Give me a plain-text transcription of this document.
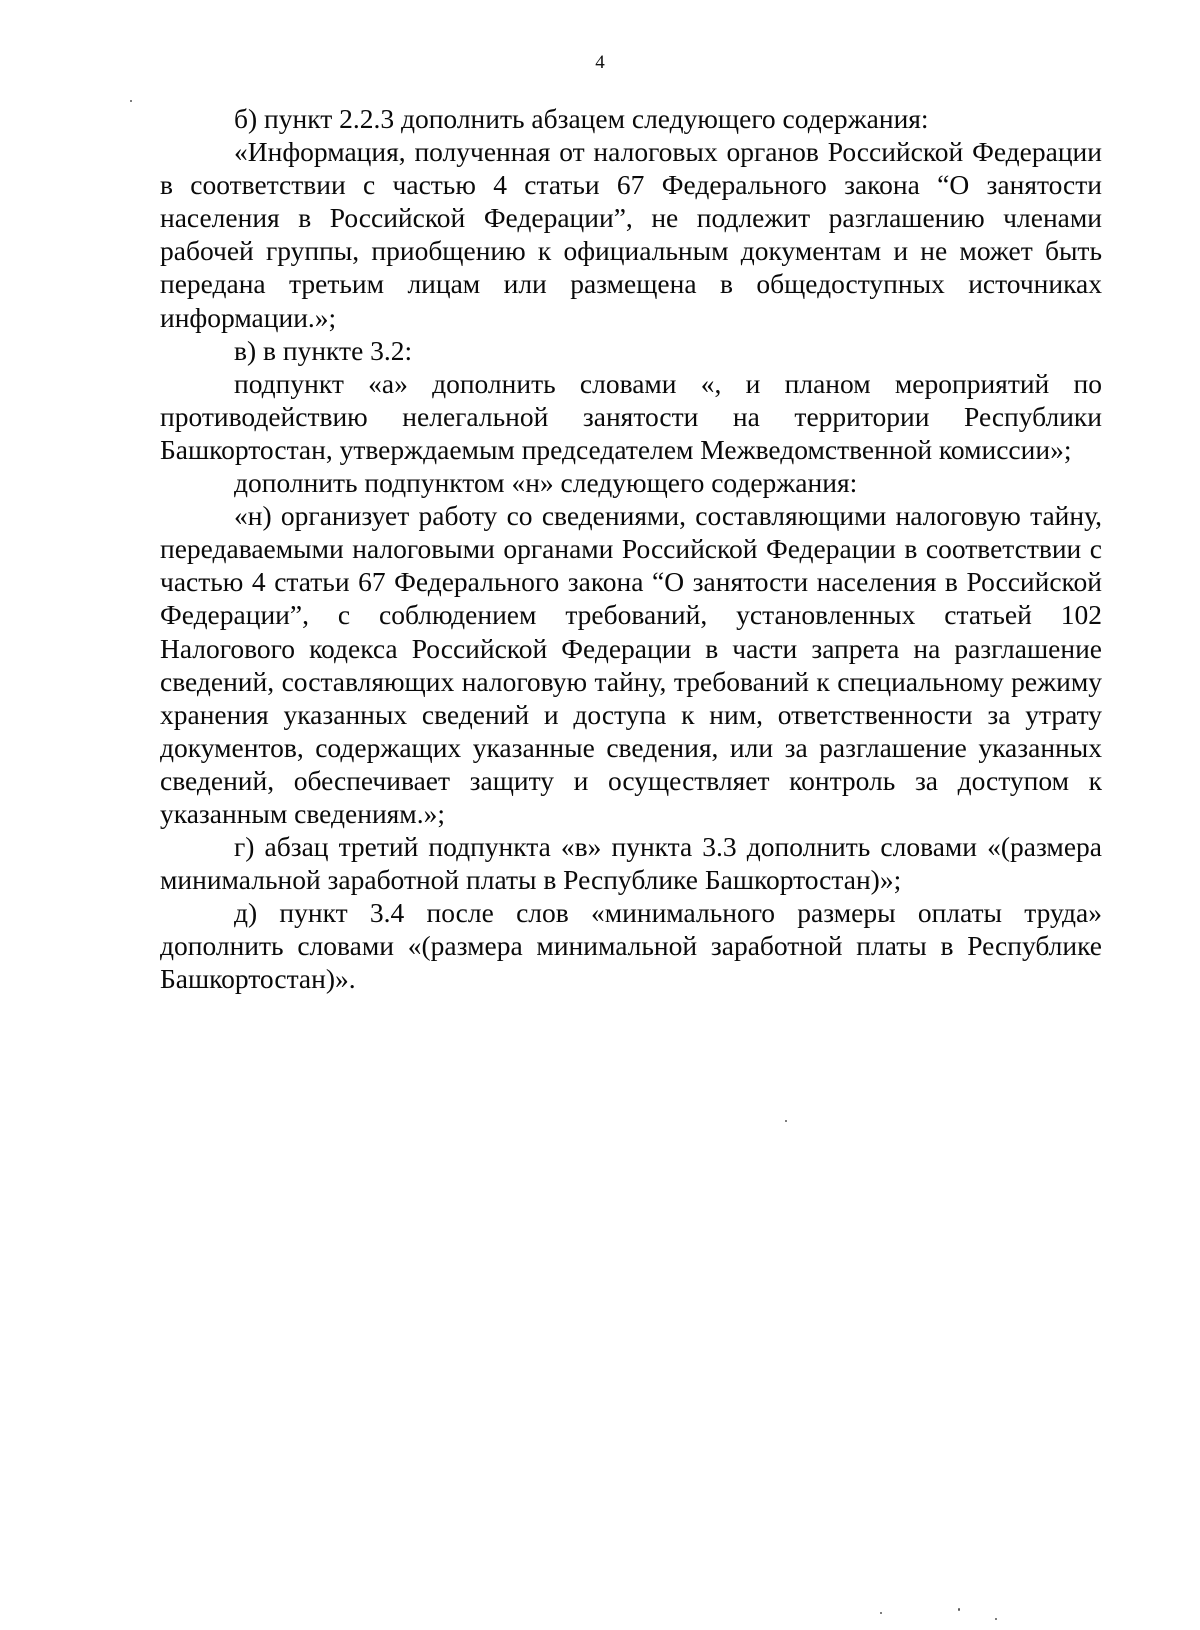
4

б) пункт 2.2.3 дополнить абзацем следующего содержания:

«Информация, полученная от налоговых органов Российской Федерации в соответствии с частью 4 статьи 67 Федерального закона “О занятости населения в Российской Федерации”, не подлежит разглашению членами рабочей группы, приобщению к официальным документам и не может быть передана третьим лицам или размещена в общедоступных источниках информации.»;

в) в пункте 3.2:

подпункт «а» дополнить словами «, и планом мероприятий по противодействию нелегальной занятости на территории Республики Башкортостан, утверждаемым председателем Межведомственной комиссии»;

дополнить подпунктом «н» следующего содержания:

«н) организует работу со сведениями, составляющими налоговую тайну, передаваемыми налоговыми органами Российской Федерации в соответствии с частью 4 статьи 67 Федерального закона “О занятости населения в Российской Федерации”, с соблюдением требований, установленных статьей 102 Налогового кодекса Российской Федерации в части запрета на разглашение сведений, составляющих налоговую тайну, требований к специальному режиму хранения указанных сведений и доступа к ним, ответственности за утрату документов, содержащих указанные сведения, или за разглашение указанных сведений, обеспечивает защиту и осуществляет контроль за доступом к указанным сведениям.»;

г) абзац третий подпункта «в» пункта 3.3 дополнить словами «(размера минимальной заработной платы в Республике Башкортостан)»;

д) пункт 3.4 после слов «минимального размеры оплаты труда» дополнить словами «(размера минимальной заработной платы в Республике Башкортостан)».
